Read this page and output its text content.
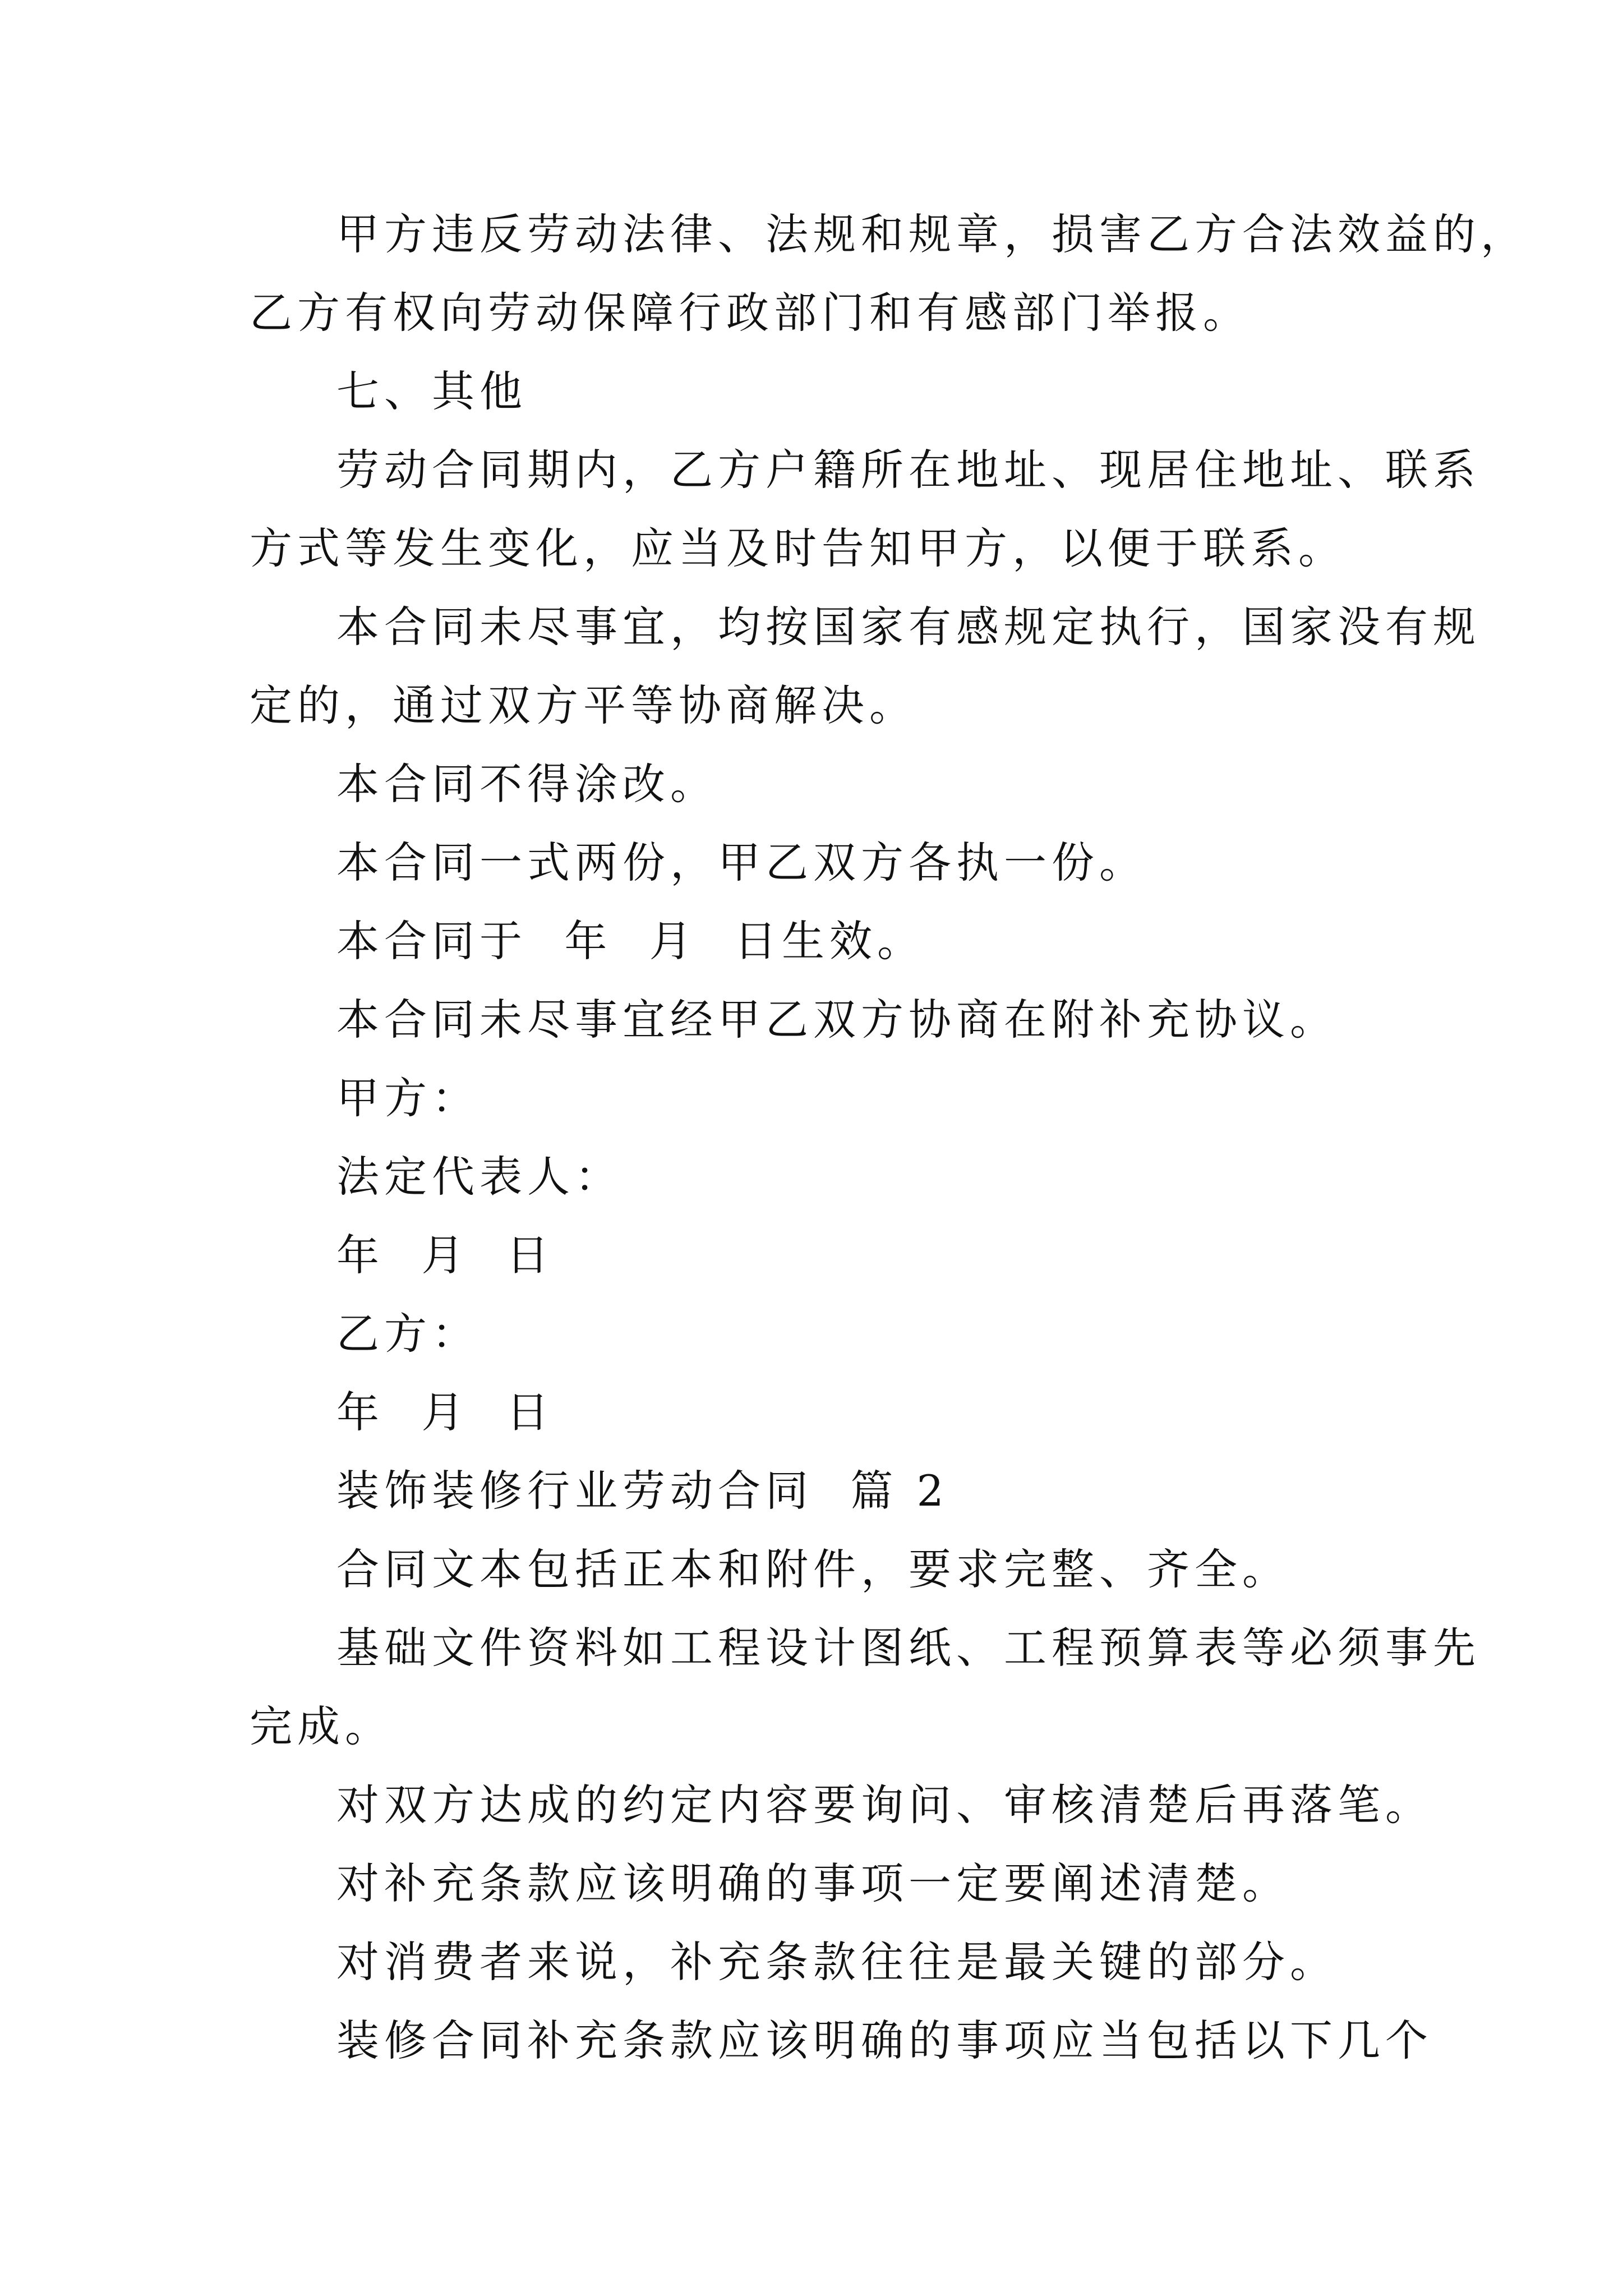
甲方违反劳动法律、法规和规章，损害乙方合法效益的，
乙方有权向劳动保障行政部门和有感部门举报。
七、其他
劳动合同期内，乙方户籍所在地址、现居住地址、联系
方式等发生变化，应当及时告知甲方，以便于联系。
本合同未尽事宜，均按国家有感规定执行，国家没有规
定的，通过双方平等协商解决。
本合同不得涂改。
本合同一式两份，甲乙双方各执一份。
本合同于  年  月  日生效。
本合同未尽事宜经甲乙双方协商在附补充协议。
甲方：
法定代表人：
年  月  日
乙方：
年  月  日
装饰装修行业劳动合同  篇 2
合同文本包括正本和附件，要求完整、齐全。
基础文件资料如工程设计图纸、工程预算表等必须事先
完成。
对双方达成的约定内容要询问、审核清楚后再落笔。
对补充条款应该明确的事项一定要阐述清楚。
对消费者来说，补充条款往往是最关键的部分。
装修合同补充条款应该明确的事项应当包括以下几个
